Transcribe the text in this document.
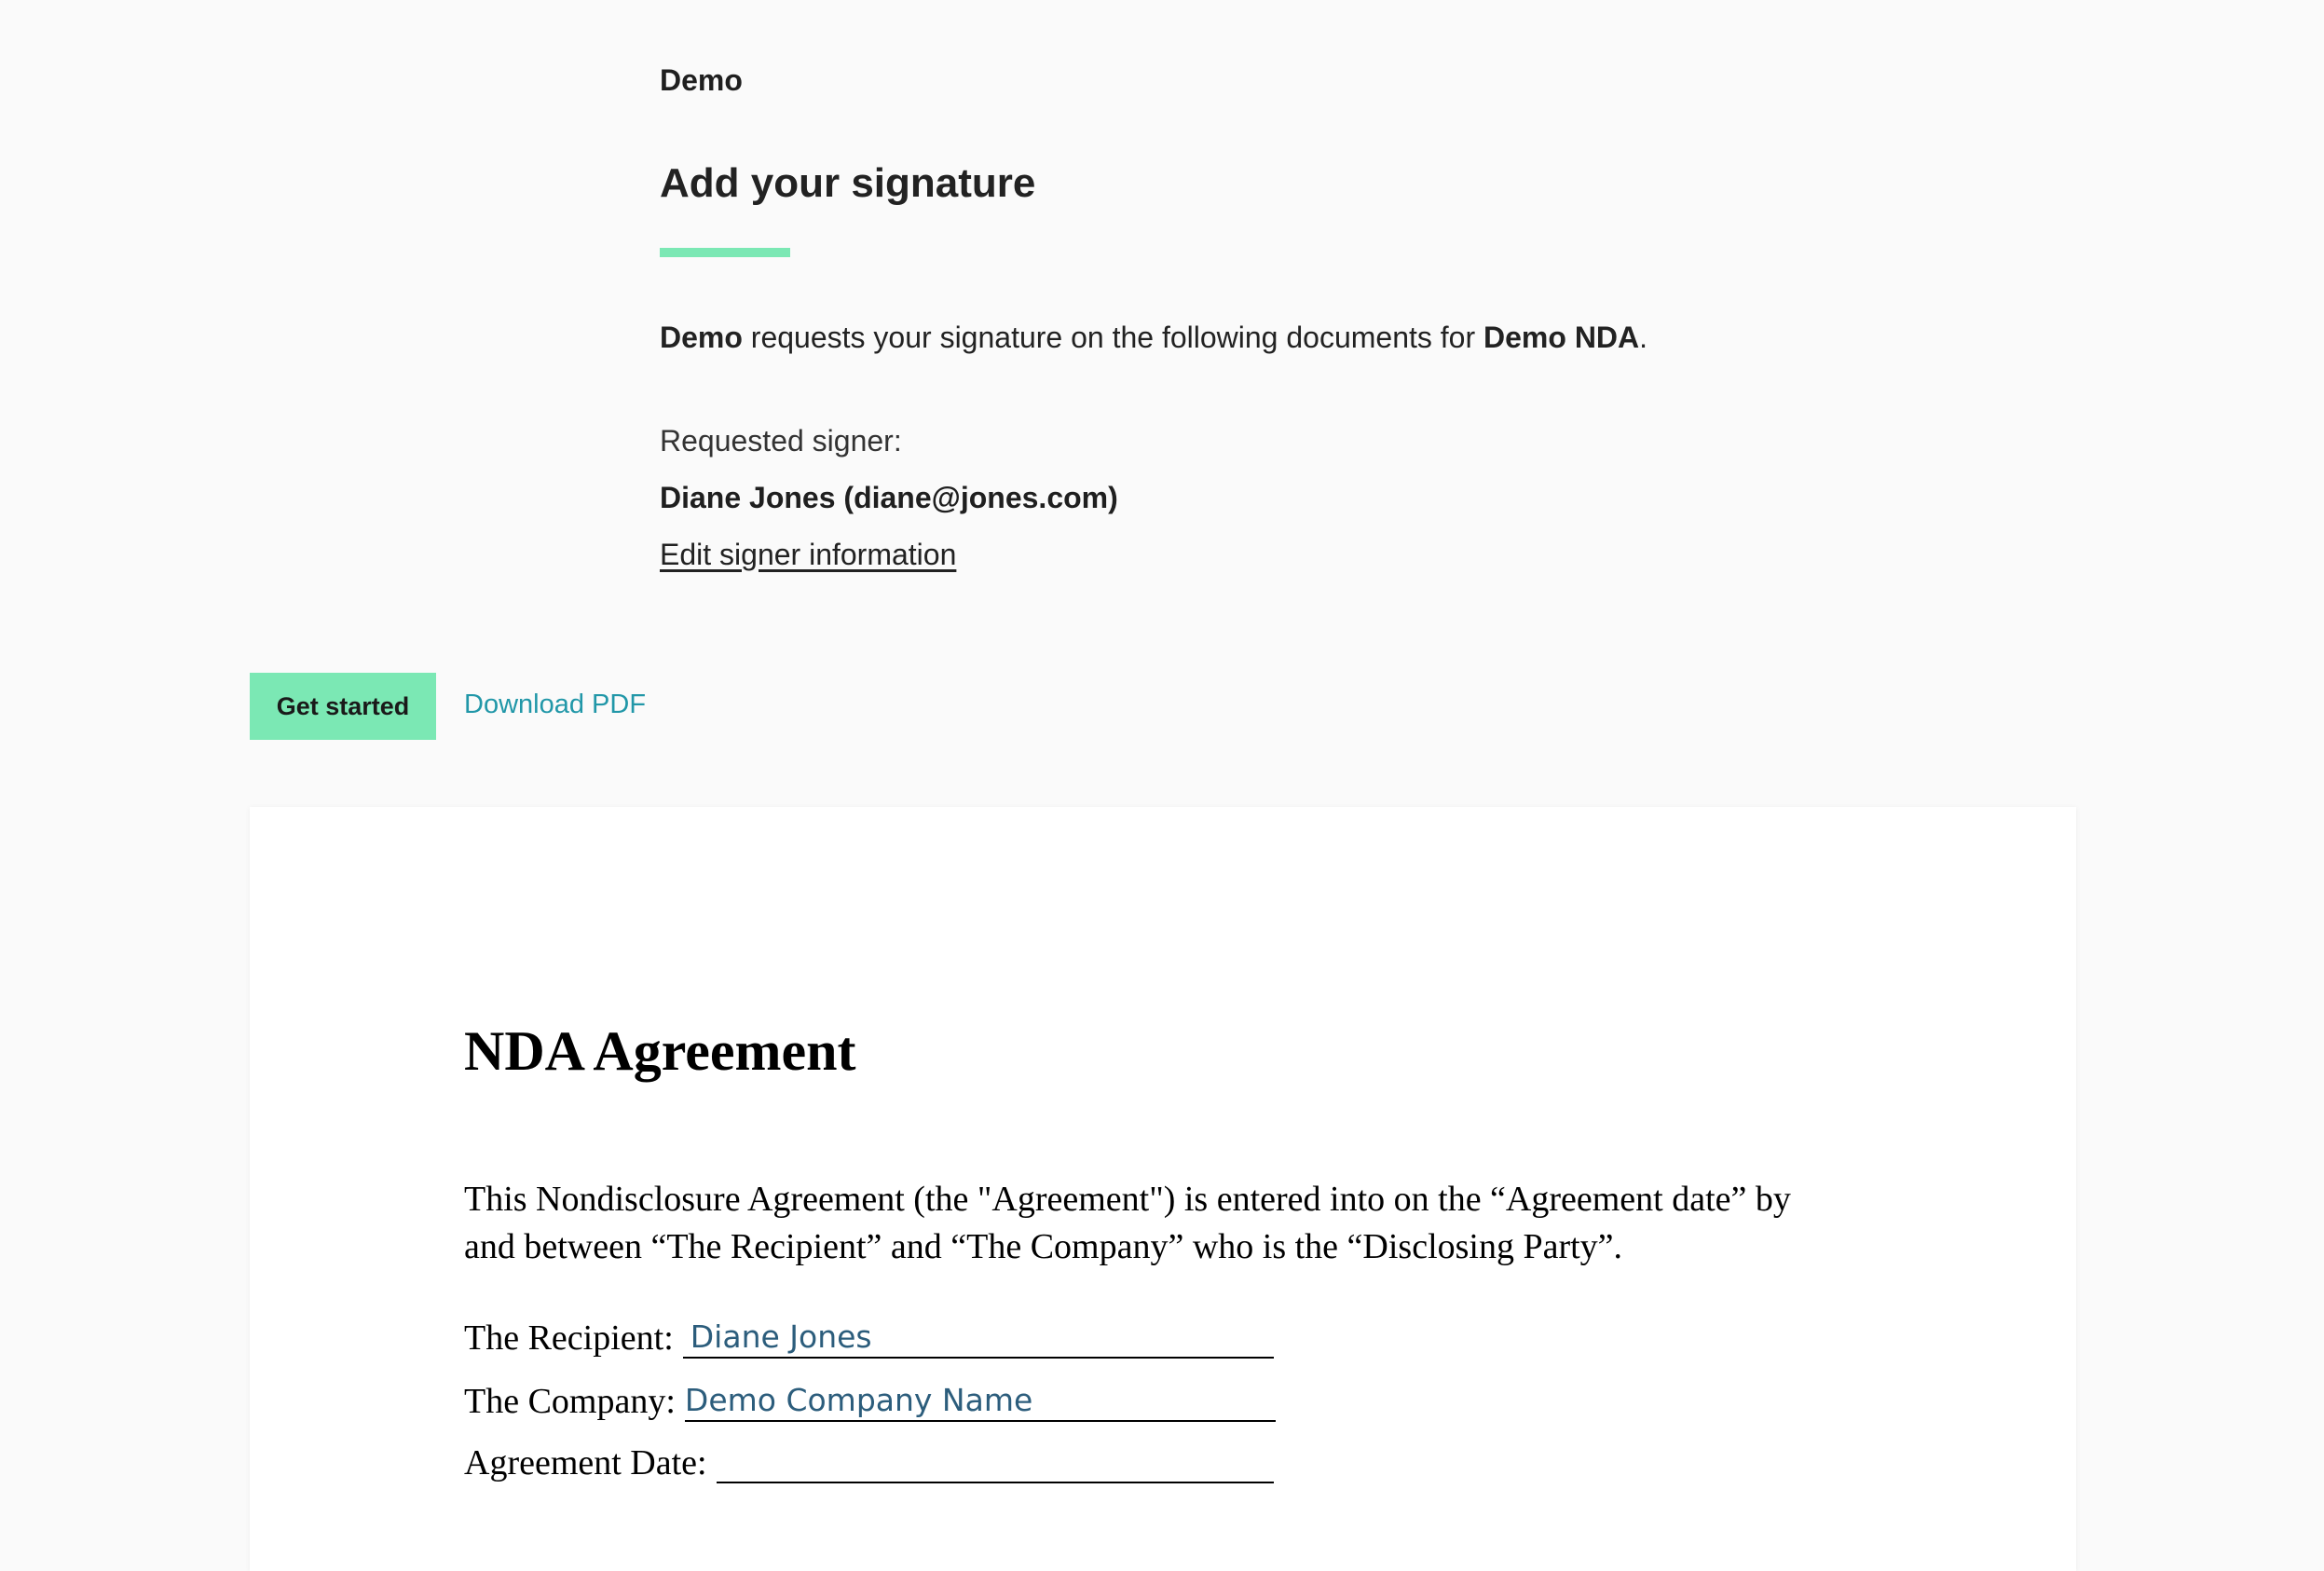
Demo
Add your signature
Demo requests your signature on the following documents for Demo NDA.
Requested signer:
Diane Jones (diane@jones.com)
Edit signer information
Get started	Download PDF
NDA Agreement

This Nondisclosure Agreement (the "Agreement") is entered into on the “Agreement date” by and between “The Recipient” and “The Company” who is the “Disclosing Party”.

The Recipient: Diane Jones
The Company: Demo Company Name
Agreement Date:
